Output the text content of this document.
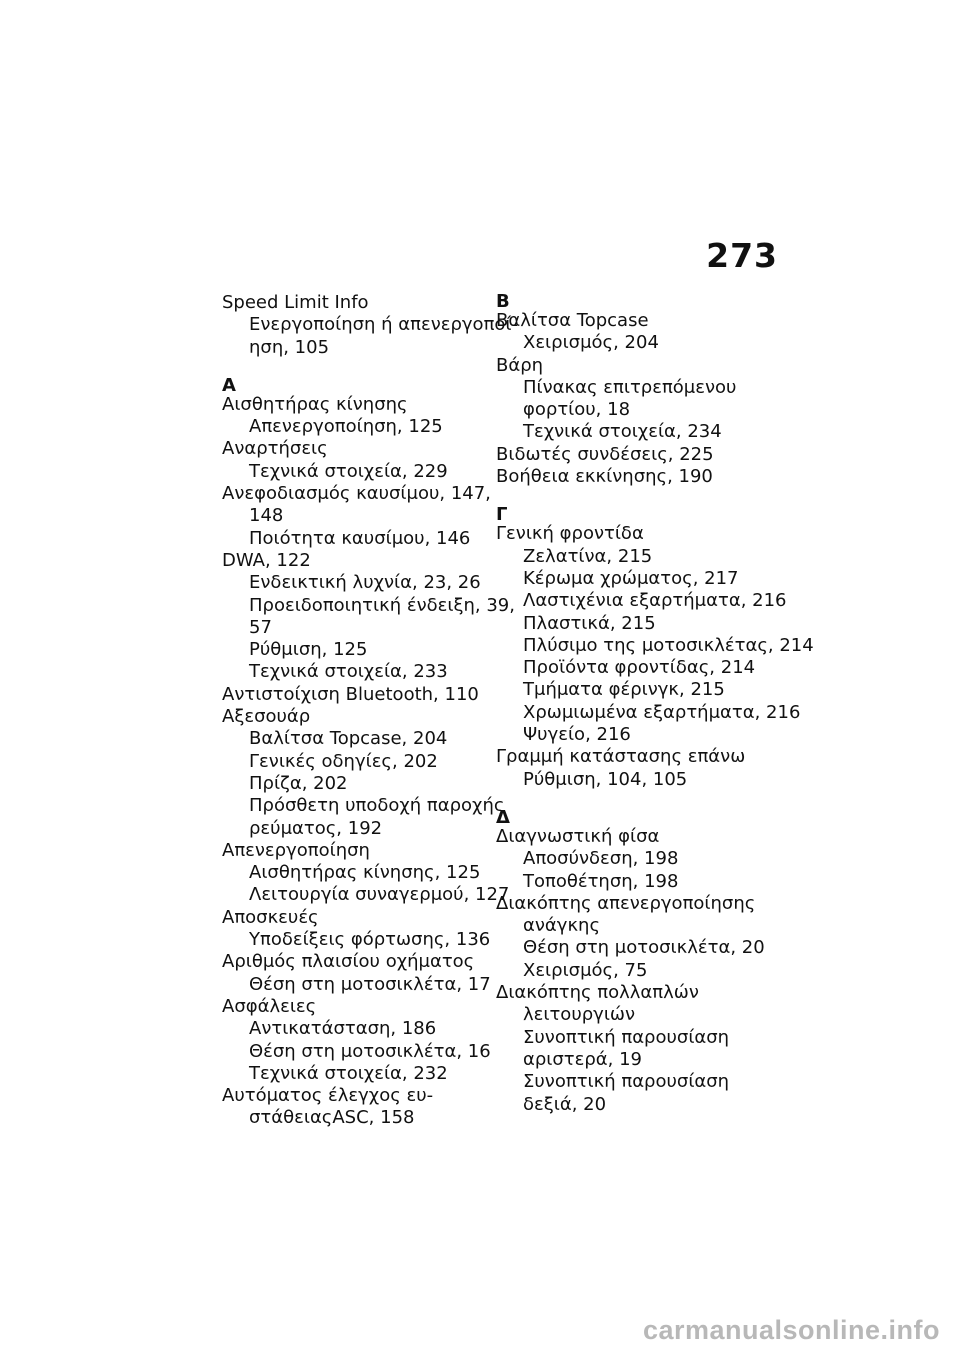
273
Speed Limit Info
Ενεργοποίηση ή απενεργοποί‐
ηση, 105
Α
Αισθητήρας κίνησης
Απενεργοποίηση, 125
Αναρτήσεις
Τεχνικά στοιχεία, 229
Ανεφοδιασμός καυσίμου, 147,
148
Ποιότητα καυσίμου, 146
DWA, 122
Ενδεικτική λυχνία, 23, 26
Προειδοποιητική ένδειξη, 39,
57
Ρύθμιση, 125
Τεχνικά στοιχεία, 233
Αντιστοίχιση Bluetooth, 110
Αξεσουάρ
Βαλίτσα Topcase, 204
Γενικές οδηγίες, 202
Πρίζα, 202
Πρόσθετη υποδοχή παροχής
ρεύματος, 192
Απενεργοποίηση
Αισθητήρας κίνησης, 125
Λειτουργία συναγερμού, 127
Αποσκευές
Υποδείξεις φόρτωσης, 136
Αριθμός πλαισίου οχήματος
Θέση στη μοτοσικλέτα, 17
Ασφάλειες
Αντικατάσταση, 186
Θέση στη μοτοσικλέτα, 16
Τεχνικά στοιχεία, 232
Αυτόματος έλεγχος ευ‐
στάθειαςASC, 158
Β
Βαλίτσα Topcase
Χειρισμός, 204
Βάρη
Πίνακας επιτρεπόμενου
φορτίου, 18
Τεχνικά στοιχεία, 234
Βιδωτές συνδέσεις, 225
Βοήθεια εκκίνησης, 190
Γ
Γενική φροντίδα
Ζελατίνα, 215
Κέρωμα χρώματος, 217
Λαστιχένια εξαρτήματα, 216
Πλαστικά, 215
Πλύσιμο της μοτοσικλέτας, 214
Προϊόντα φροντίδας, 214
Τμήματα φέρινγκ, 215
Χρωμιωμένα εξαρτήματα, 216
Ψυγείο, 216
Γραμμή κατάστασης επάνω
Ρύθμιση, 104, 105
Δ
Διαγνωστική φίσα
Αποσύνδεση, 198
Τοποθέτηση, 198
Διακόπτης απενεργοποίησης
ανάγκης
Θέση στη μοτοσικλέτα, 20
Χειρισμός, 75
Διακόπτης πολλαπλών
λειτουργιών
Συνοπτική παρουσίαση
αριστερά, 19
Συνοπτική παρουσίαση
δεξιά, 20
carmanualsonline.info
